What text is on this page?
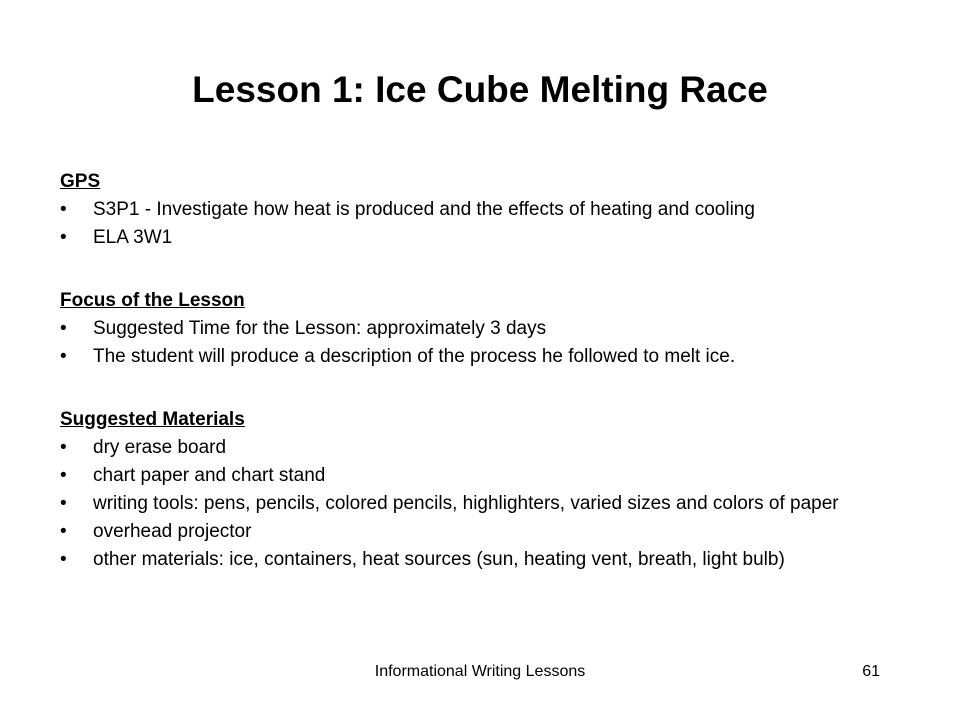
Lesson 1: Ice Cube Melting Race
GPS
• S3P1 - Investigate how heat is produced and the effects of heating and cooling
• ELA 3W1
Focus of the Lesson
• Suggested Time for the Lesson: approximately 3 days
• The student will produce a description of the process he followed to melt ice.
Suggested Materials
• dry erase board
• chart paper and chart stand
• writing tools: pens, pencils, colored pencils, highlighters, varied sizes and colors of paper
• overhead projector
• other materials: ice, containers, heat sources (sun, heating vent, breath, light bulb)
Informational Writing Lessons	61
